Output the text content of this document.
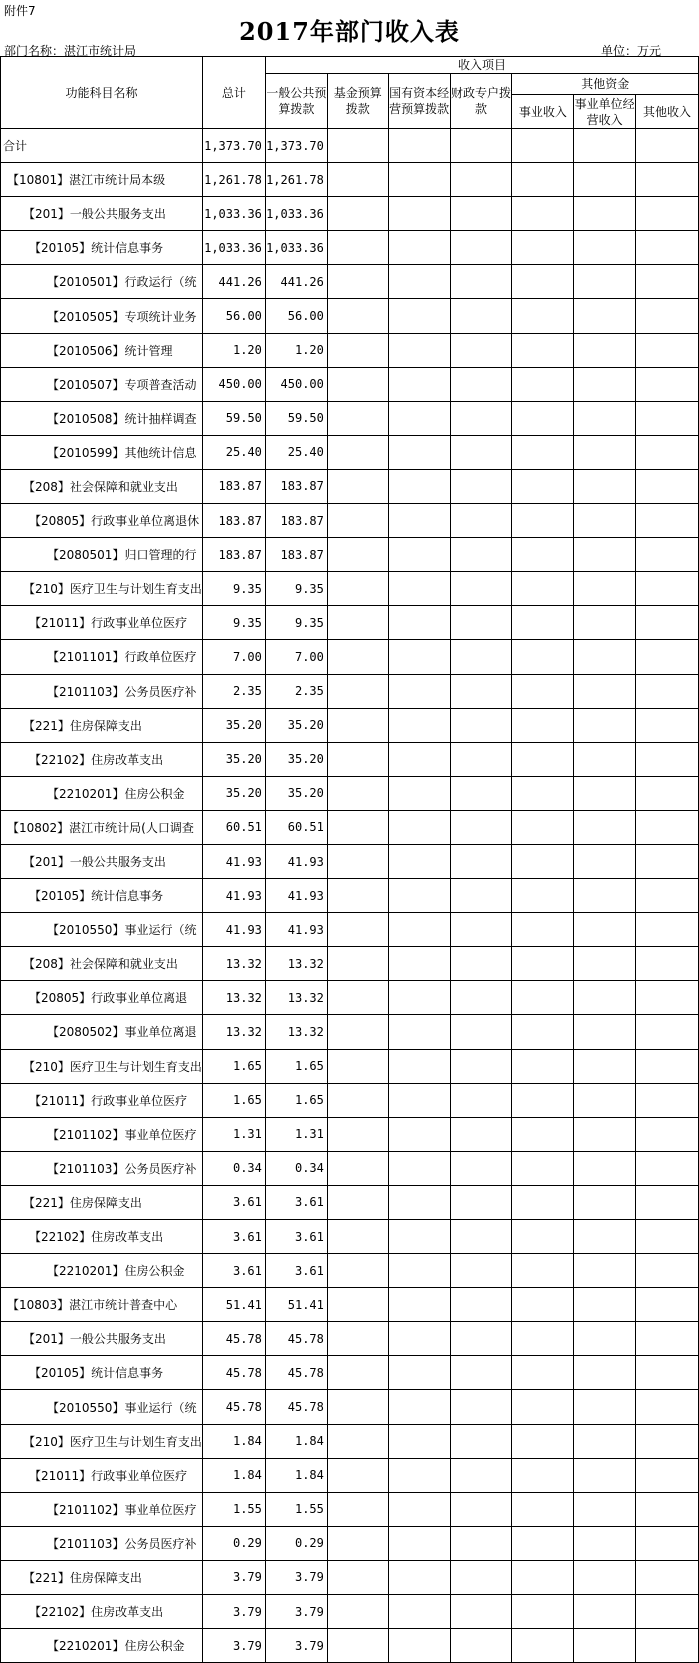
附件7
2017年部门收入表
部门名称：湛江市统计局	单位：万元
功能科目名称	总计	收入项目						
		一般公共预算拨款	基金预算拨款	国有资本经营预算拨款	财政专户拨款	其他资金		
						事业收入	事业单位经营收入	其他收入
合计	1,373.70	1,373.70						
【10801】湛江市统计局本级	1,261.78	1,261.78						
【201】一般公共服务支出	1,033.36	1,033.36						
【20105】统计信息事务	1,033.36	1,033.36						
【2010501】行政运行（统	441.26	441.26						
【2010505】专项统计业务	56.00	56.00						
【2010506】统计管理	1.20	1.20						
【2010507】专项普查活动	450.00	450.00						
【2010508】统计抽样调查	59.50	59.50						
【2010599】其他统计信息	25.40	25.40						
【208】社会保障和就业支出	183.87	183.87						
【20805】行政事业单位离退休	183.87	183.87						
【2080501】归口管理的行	183.87	183.87						
【210】医疗卫生与计划生育支出	9.35	9.35						
【21011】行政事业单位医疗	9.35	9.35						
【2101101】行政单位医疗	7.00	7.00						
【2101103】公务员医疗补	2.35	2.35						
【221】住房保障支出	35.20	35.20						
【22102】住房改革支出	35.20	35.20						
【2210201】住房公积金	35.20	35.20						
【10802】湛江市统计局(人口调查	60.51	60.51						
【201】一般公共服务支出	41.93	41.93						
【20105】统计信息事务	41.93	41.93						
【2010550】事业运行（统	41.93	41.93						
【208】社会保障和就业支出	13.32	13.32						
【20805】行政事业单位离退	13.32	13.32						
【2080502】事业单位离退	13.32	13.32						
【210】医疗卫生与计划生育支出	1.65	1.65						
【21011】行政事业单位医疗	1.65	1.65						
【2101102】事业单位医疗	1.31	1.31						
【2101103】公务员医疗补	0.34	0.34						
【221】住房保障支出	3.61	3.61						
【22102】住房改革支出	3.61	3.61						
【2210201】住房公积金	3.61	3.61						
【10803】湛江市统计普查中心	51.41	51.41						
【201】一般公共服务支出	45.78	45.78						
【20105】统计信息事务	45.78	45.78						
【2010550】事业运行（统	45.78	45.78						
【210】医疗卫生与计划生育支出	1.84	1.84						
【21011】行政事业单位医疗	1.84	1.84						
【2101102】事业单位医疗	1.55	1.55						
【2101103】公务员医疗补	0.29	0.29						
【221】住房保障支出	3.79	3.79						
【22102】住房改革支出	3.79	3.79						
【2210201】住房公积金	3.79	3.79						
